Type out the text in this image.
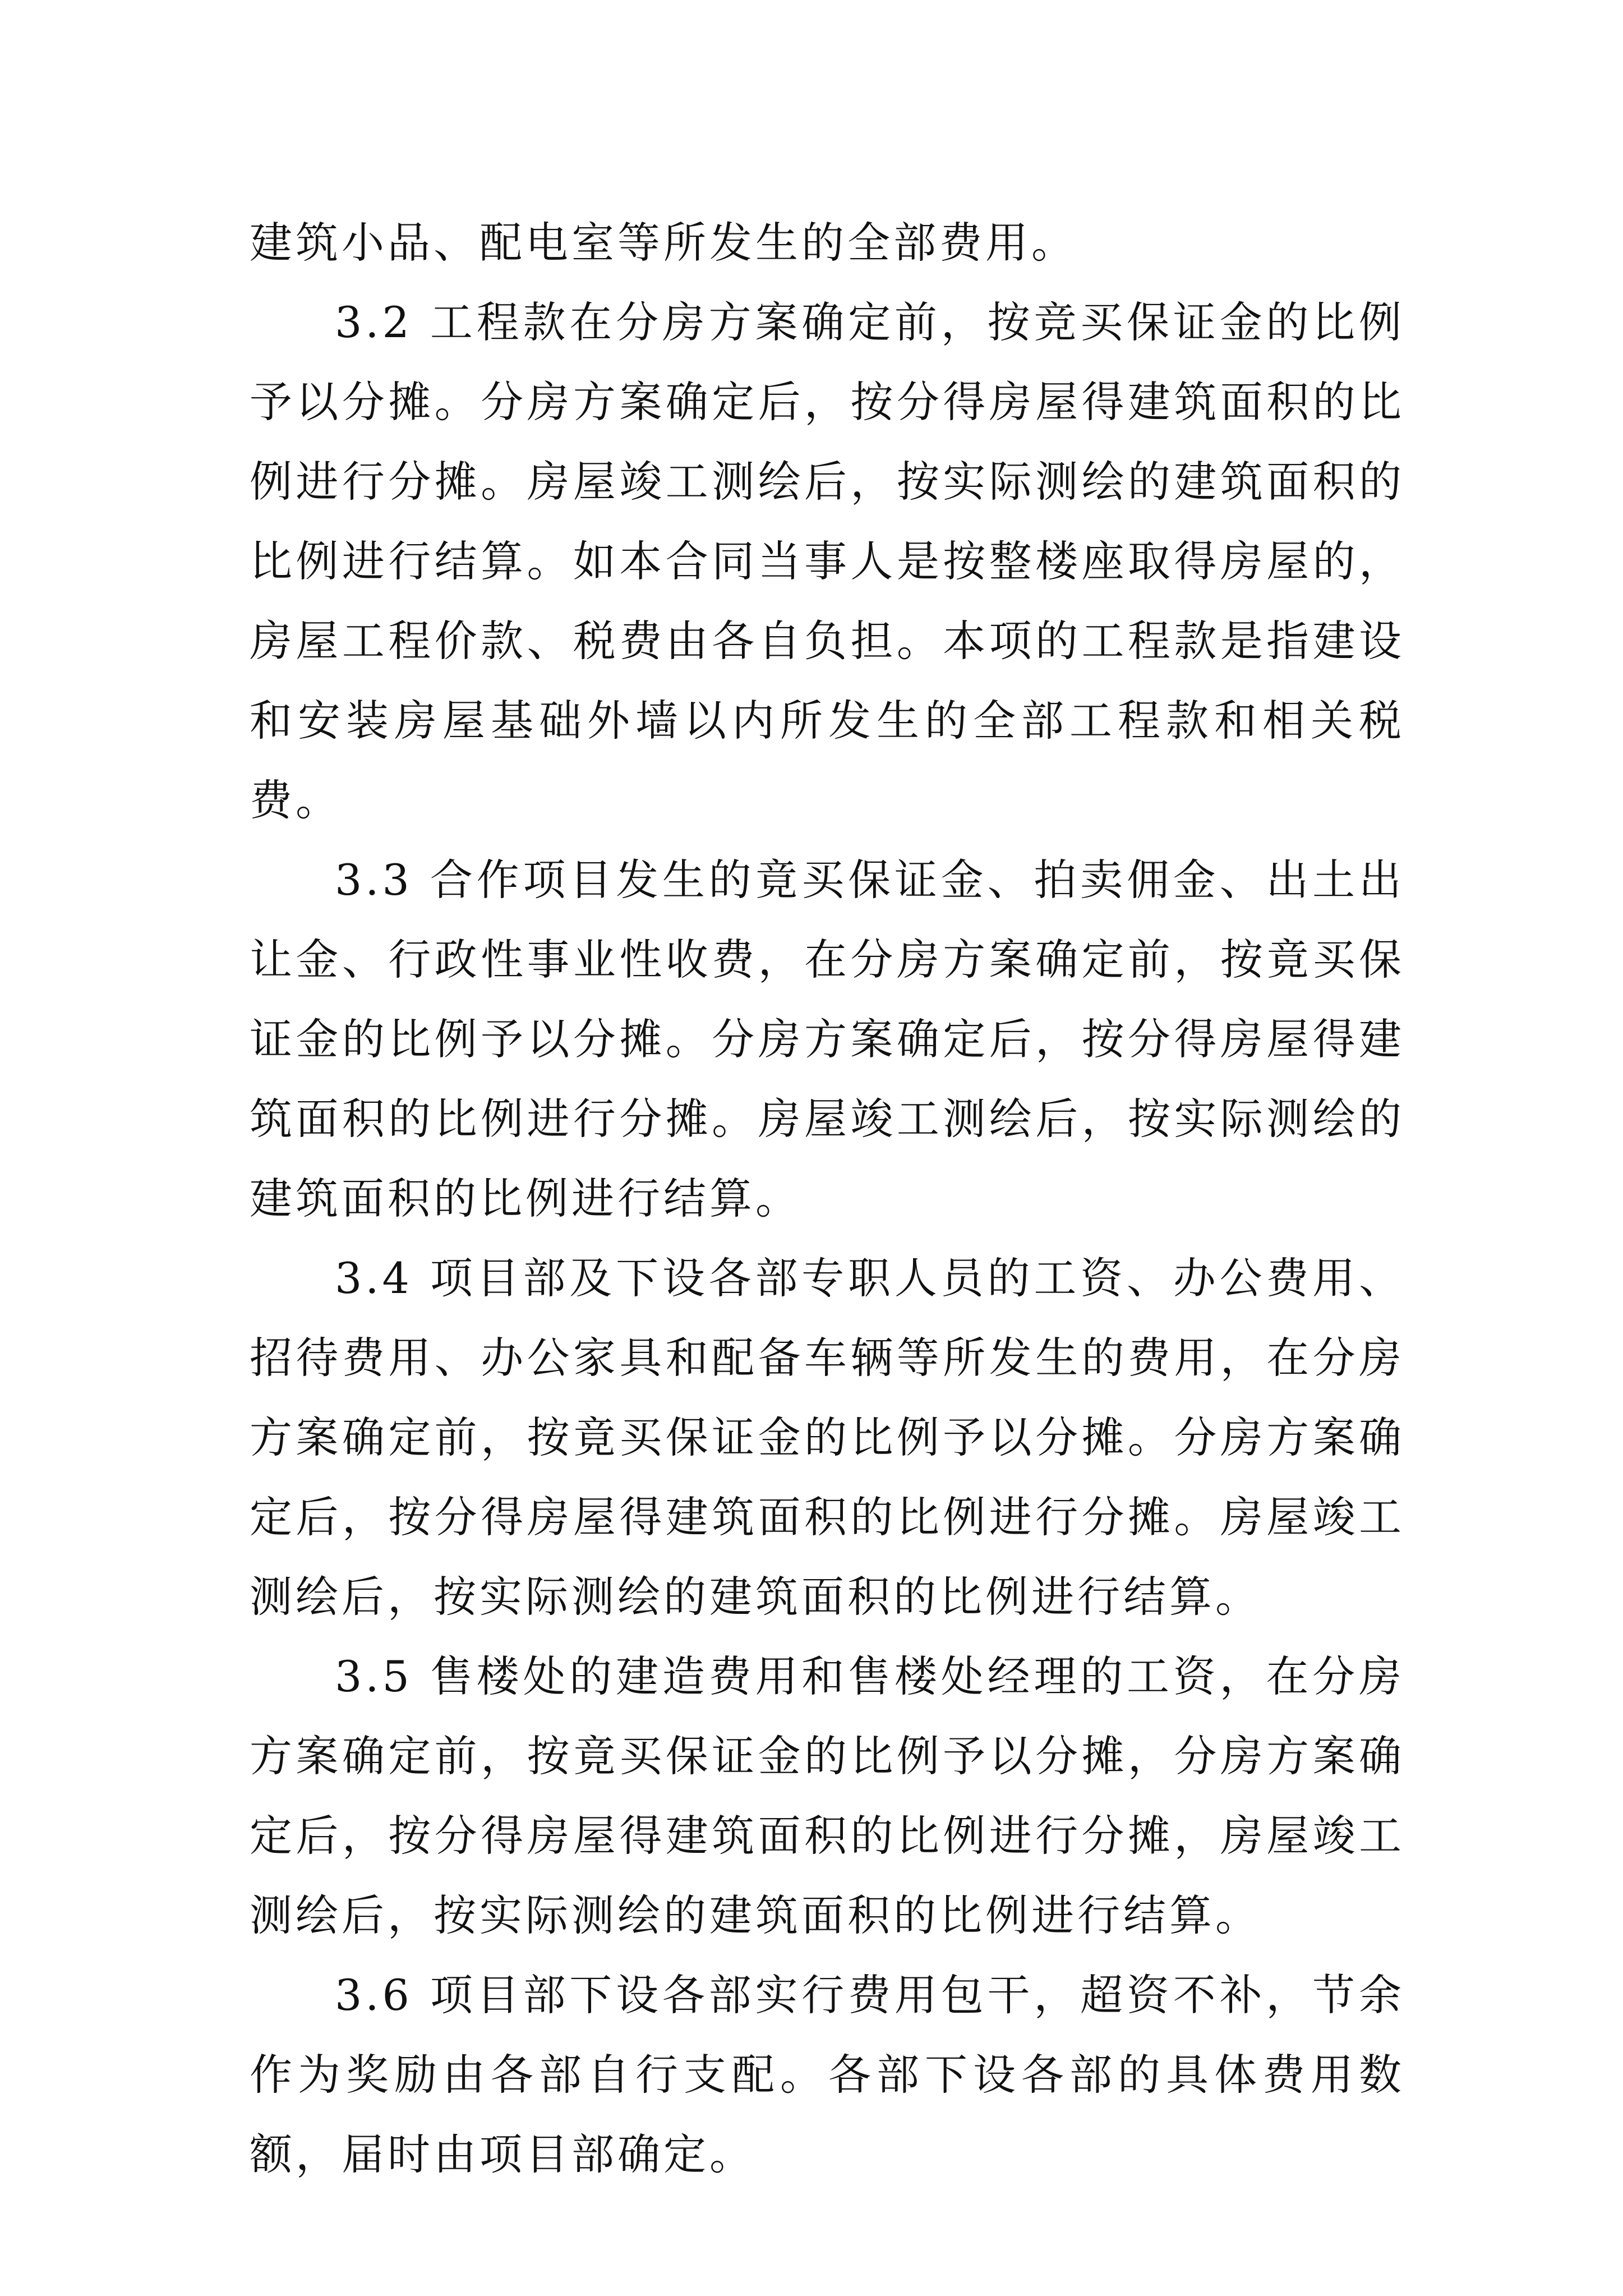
建筑小品、配电室等所发生的全部费用。

3.2 工程款在分房方案确定前，按竞买保证金的比例予以分摊。分房方案确定后，按分得房屋得建筑面积的比例进行分摊。房屋竣工测绘后，按实际测绘的建筑面积的比例进行结算。如本合同当事人是按整楼座取得房屋的，房屋工程价款、税费由各自负担。本项的工程款是指建设和安装房屋基础外墙以内所发生的全部工程款和相关税费。

3.3 合作项目发生的竟买保证金、拍卖佣金、出土出让金、行政性事业性收费，在分房方案确定前，按竟买保证金的比例予以分摊。分房方案确定后，按分得房屋得建筑面积的比例进行分摊。房屋竣工测绘后，按实际测绘的建筑面积的比例进行结算。

3.4 项目部及下设各部专职人员的工资、办公费用、招待费用、办公家具和配备车辆等所发生的费用，在分房方案确定前，按竟买保证金的比例予以分摊。分房方案确定后，按分得房屋得建筑面积的比例进行分摊。房屋竣工测绘后，按实际测绘的建筑面积的比例进行结算。

3.5 售楼处的建造费用和售楼处经理的工资，在分房方案确定前，按竟买保证金的比例予以分摊，分房方案确定后，按分得房屋得建筑面积的比例进行分摊，房屋竣工测绘后，按实际测绘的建筑面积的比例进行结算。

3.6 项目部下设各部实行费用包干，超资不补，节余作为奖励由各部自行支配。各部下设各部的具体费用数额，届时由项目部确定。
